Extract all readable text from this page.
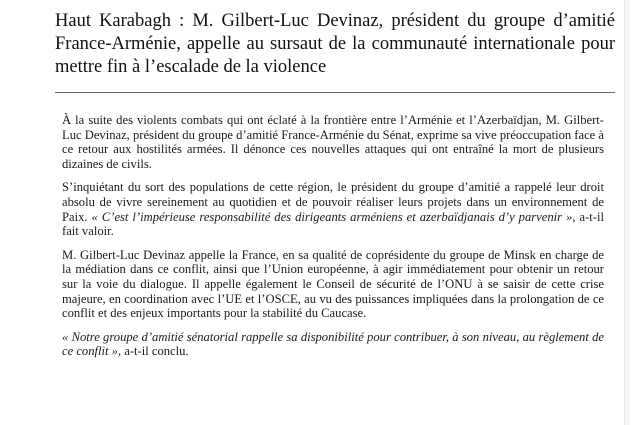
Haut Karabagh : M. Gilbert-Luc Devinaz, président du groupe d’amitié France-Arménie, appelle au sursaut de la communauté internationale pour mettre fin à l’escalade de la violence

À la suite des violents combats qui ont éclaté à la frontière entre l’Arménie et l’Azerbaïdjan, M. Gilbert-Luc Devinaz, président du groupe d’amitié France-Arménie du Sénat, exprime sa vive préoccupation face à ce retour aux hostilités armées. Il dénonce ces nouvelles attaques qui ont entraîné la mort de plusieurs dizaines de civils.

S’inquiétant du sort des populations de cette région, le président du groupe d’amitié a rappelé leur droit absolu de vivre sereinement au quotidien et de pouvoir réaliser leurs projets dans un environnement de Paix. « C’est l’impérieuse responsabilité des dirigeants arméniens et azerbaïdjanais d’y parvenir », a-t-il fait valoir.

M. Gilbert-Luc Devinaz appelle la France, en sa qualité de coprésidente du groupe de Minsk en charge de la médiation dans ce conflit, ainsi que l’Union européenne, à agir immédiatement pour obtenir un retour sur la voie du dialogue. Il appelle également le Conseil de sécurité de l’ONU à se saisir de cette crise majeure, en coordination avec l’UE et l’OSCE, au vu des puissances impliquées dans la prolongation de ce conflit et des enjeux importants pour la stabilité du Caucase.

« Notre groupe d’amitié sénatorial rappelle sa disponibilité pour contribuer, à son niveau, au règlement de ce conflit », a-t-il conclu.
